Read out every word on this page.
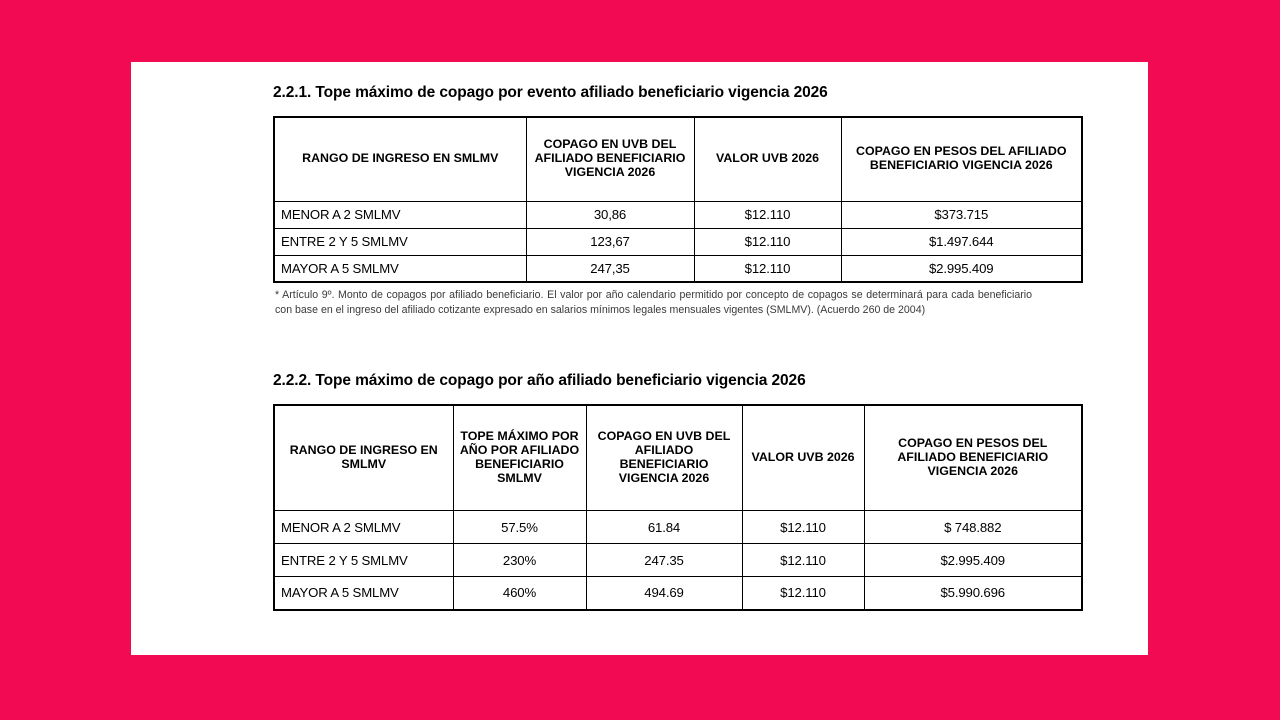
2.2.1. Tope máximo de copago por evento afiliado beneficiario vigencia 2026
RANGO DE INGRESO EN SMLMV	COPAGO EN UVB DEL AFILIADO BENEFICIARIO VIGENCIA 2026	VALOR UVB 2026	COPAGO EN PESOS DEL AFILIADO BENEFICIARIO VIGENCIA 2026
MENOR A 2 SMLMV	30,86	$12.110	$373.715
ENTRE 2 Y 5 SMLMV	123,67	$12.110	$1.497.644
MAYOR A 5 SMLMV	247,35	$12.110	$2.995.409

* Artículo 9º. Monto de copagos por afiliado beneficiario. El valor por año calendario permitido por concepto de copagos se determinará para cada beneficiario con base en el ingreso del afiliado cotizante expresado en salarios mínimos legales mensuales vigentes (SMLMV). (Acuerdo 260 de 2004)

2.2.2. Tope máximo de copago por año afiliado beneficiario vigencia 2026
RANGO DE INGRESO EN SMLMV	TOPE MÁXIMO POR AÑO POR AFILIADO BENEFICIARIO SMLMV	COPAGO EN UVB DEL AFILIADO BENEFICIARIO VIGENCIA 2026	VALOR UVB 2026	COPAGO EN PESOS DEL AFILIADO BENEFICIARIO VIGENCIA 2026
MENOR A 2 SMLMV	57.5%	61.84	$12.110	$ 748.882
ENTRE 2 Y 5 SMLMV	230%	247.35	$12.110	$2.995.409
MAYOR A 5 SMLMV	460%	494.69	$12.110	$5.990.696
